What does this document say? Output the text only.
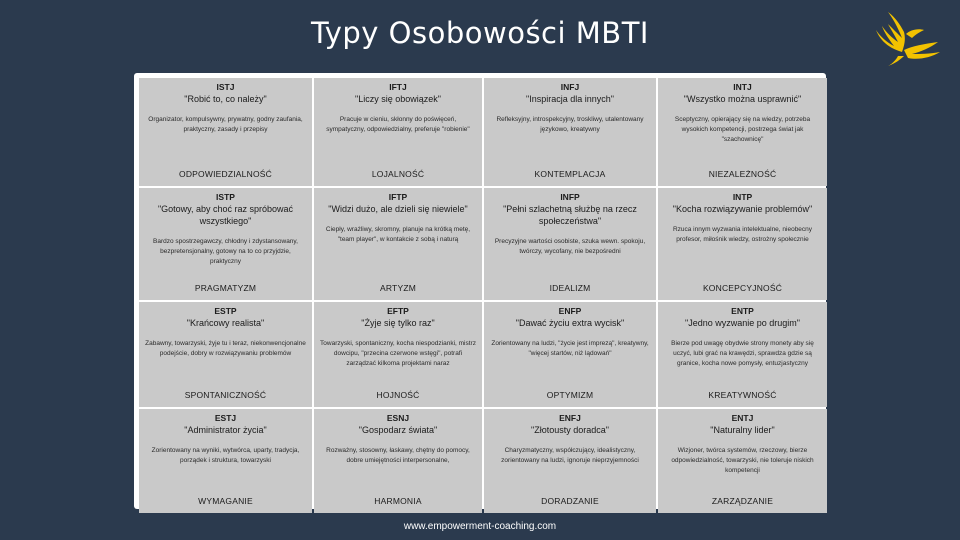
Typy Osobowości MBTI
ISTJ
"Robić to, co należy"
Organizator, kompulsywny, prywatny, godny zaufania, praktyczny, zasady i przepisy
ODPOWIEDZIALNOŚĆ
IFTJ
"Liczy się obowiązek"
Pracuje w cieniu, skłonny do poświęceń, sympatyczny, odpowiedzialny, preferuje "robienie"
LOJALNOŚĆ
INFJ
"Inspiracja dla innych"
Refleksyjny, introspekcyjny, troskliwy, utalentowany językowo, kreatywny
KONTEMPLACJA
INTJ
"Wszystko można usprawnić"
Sceptyczny, opierający się na wiedzy, potrzeba wysokich kompetencji, postrzega świat jak "szachownicę"
NIEZALEŻNOŚĆ
ISTP
"Gotowy, aby choć raz spróbować wszystkiego"
Bardzo spostrzegawczy, chłodny i zdystansowany, bezpretensjonalny, gotowy na to co przyjdzie, praktyczny
PRAGMATYZM
IFTP
"Widzi dużo, ale dzieli się niewiele"
Ciepły, wrażliwy, skromny, planuje na krótką metę, "team player", w kontakcie z sobą i naturą
ARTYZM
INFP
"Pełni szlachetną służbę na rzecz społeczeństwa"
Precyzyjne wartości osobiste, szuka wewn. spokoju, twórczy, wycofany, nie bezpośredni
IDEALIZM
INTP
"Kocha rozwiązywanie problemów"
Rzuca innym wyzwania intelektualne, nieobecny profesor, miłośnik wiedzy, ostrożny społecznie
KONCEPCYJNOŚĆ
ESTP
"Krańcowy realista"
Zabawny, towarzyski, żyje tu i teraz, niekonwencjonalne podejście, dobry w rozwiązywaniu problemów
SPONTANICZNOŚĆ
EFTP
"Żyje się tylko raz"
Towarzyski, spontaniczny, kocha niespodzianki, mistrz dowcipu, "przecina czerwone wstęgi", potrafi zarządzać kilkoma projektami naraz
HOJNOŚĆ
ENFP
"Dawać życiu extra wycisk"
Zorientowany na ludzi, "życie jest imprezą", kreatywny, "więcej startów, niż lądowań"
OPTYMIZM
ENTP
"Jedno wyzwanie po drugim"
Bierze pod uwagę obydwie strony monety aby się uczyć, lubi grać na krawędzi, sprawdza gdzie są granice, kocha nowe pomysły, entuzjastyczny
KREATYWNOŚĆ
ESTJ
"Administrator życia"
Zorientowany na wyniki, wytwórca, uparty, tradycja, porządek i struktura, towarzyski
WYMAGANIE
ESNJ
"Gospodarz świata"
Rozważny, stosowny, łaskawy, chętny do pomocy, dobre umiejętności interpersonalne,
HARMONIA
ENFJ
"Złotousty doradca"
Charyzmatyczny, współczujący, idealistyczny, zorientowany na ludzi, ignoruje nieprzyjemności
DORADZANIE
ENTJ
"Naturalny lider"
Wizjoner, twórca systemów, rzeczowy, bierze odpowiedzialność, towarzyski, nie toleruje niskich kompetencji
ZARZĄDZANIE
www.empowerment-coaching.com
